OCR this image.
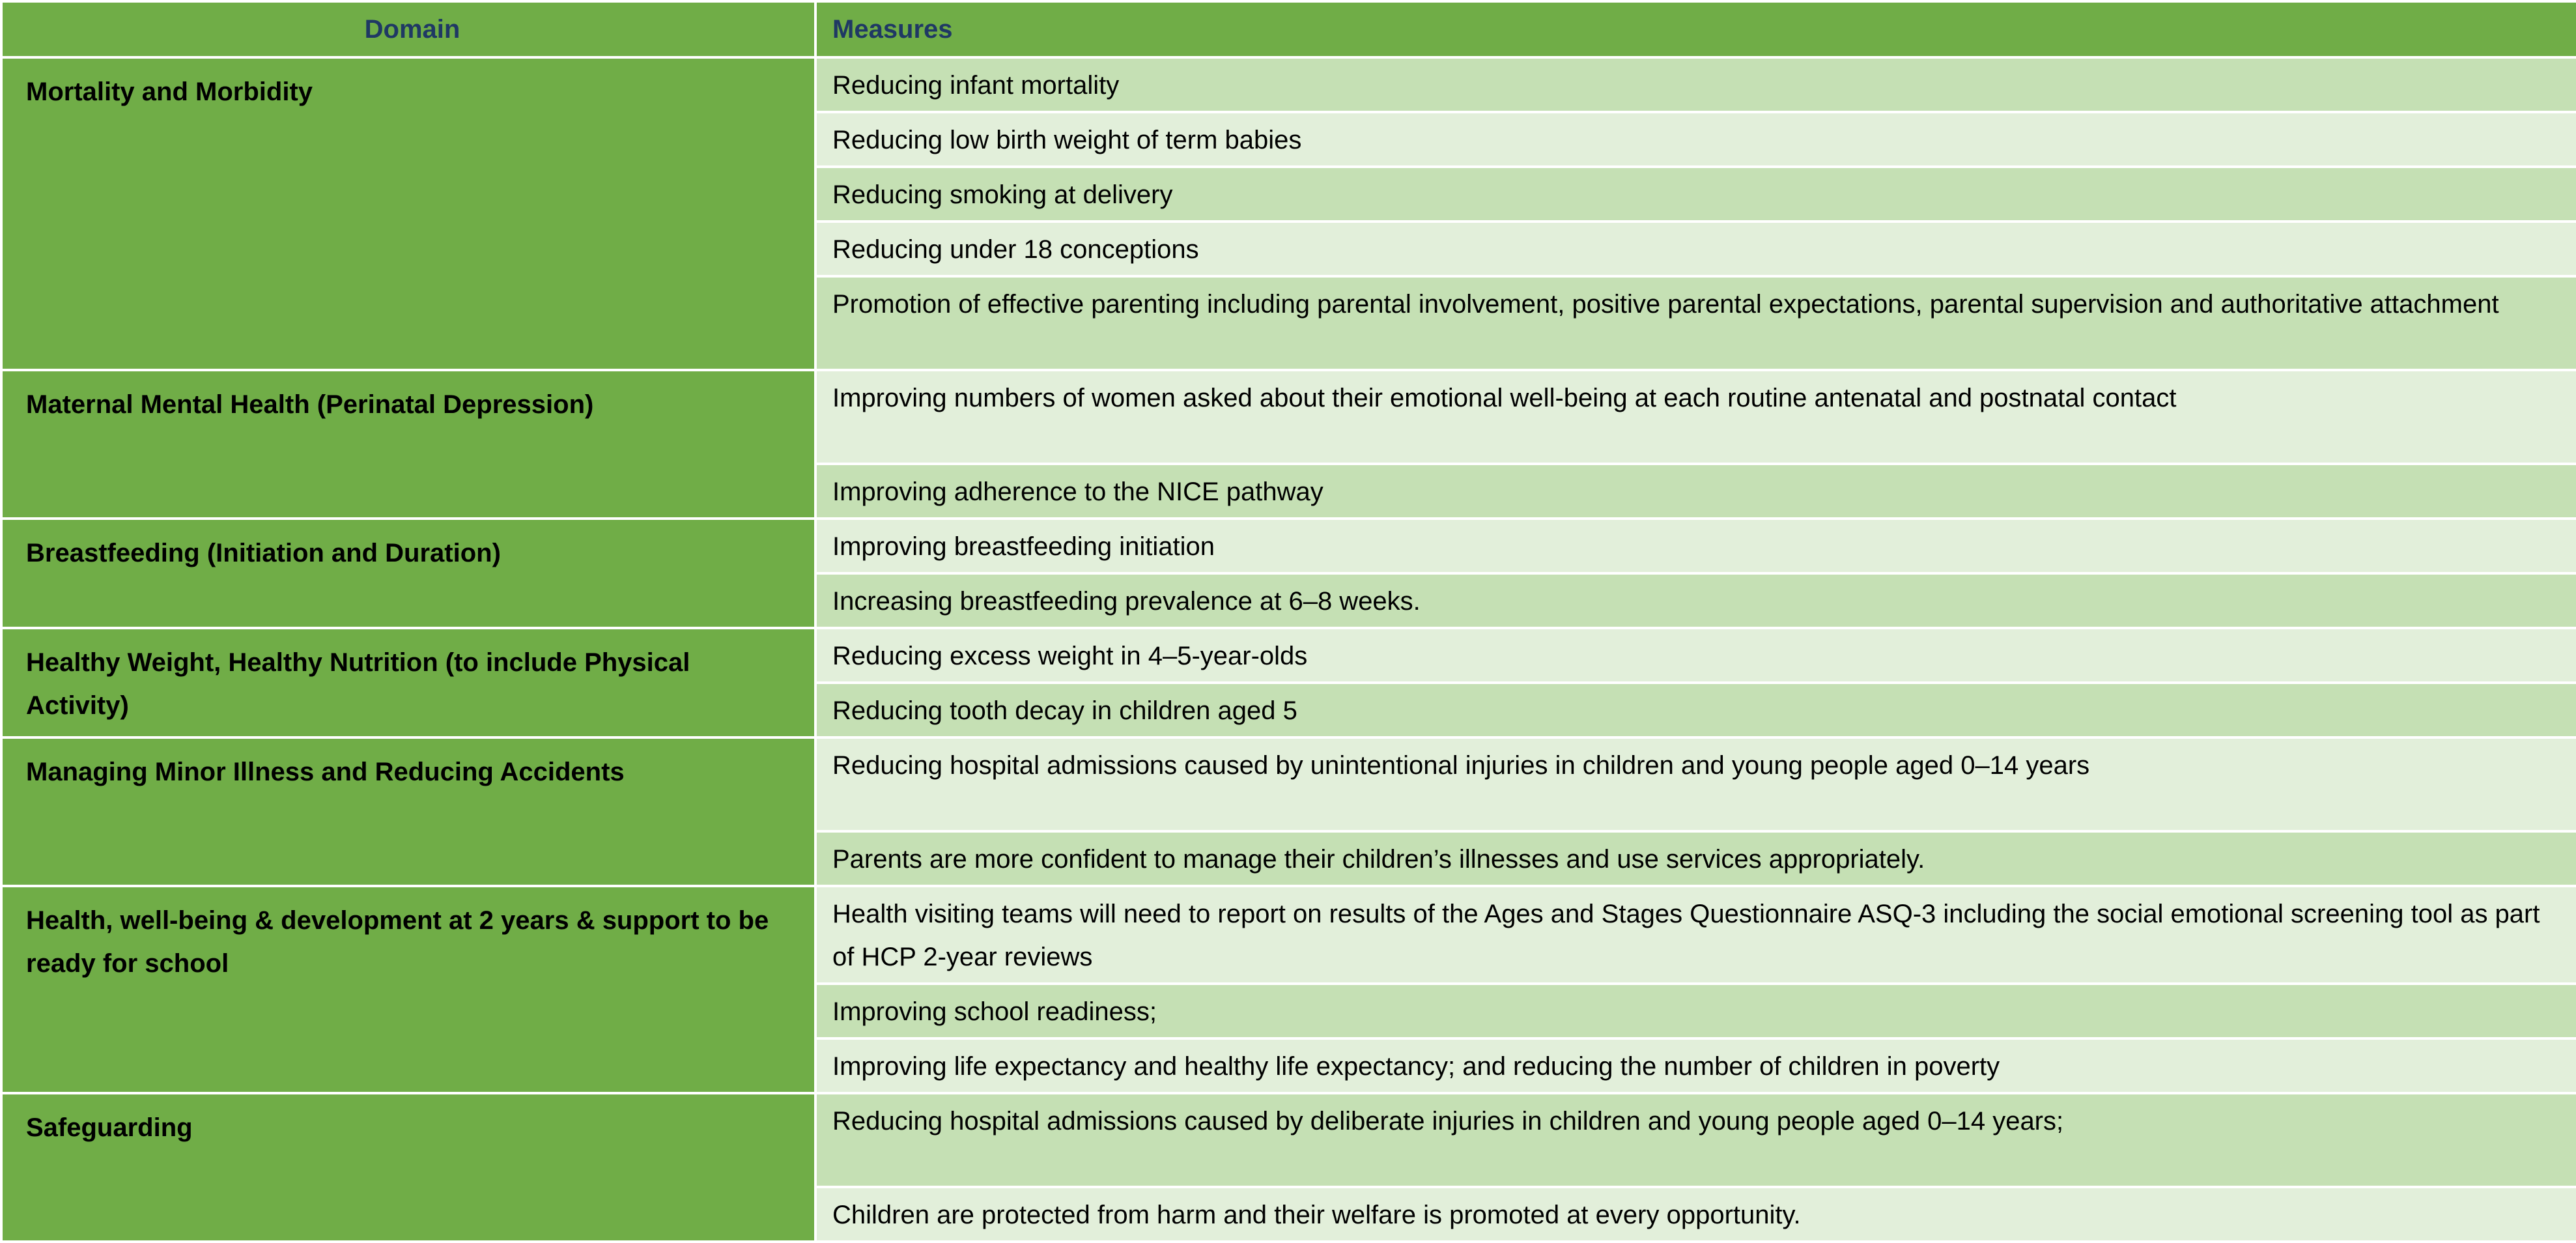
Domain	Measures
Mortality and Morbidity	Reducing infant mortality
	Reducing low birth weight of term babies
	Reducing smoking at delivery
	Reducing under 18 conceptions
	Promotion of effective parenting including parental involvement, positive parental expectations, parental supervision and authoritative attachment
Maternal Mental Health (Perinatal Depression)	Improving numbers of women asked about their emotional well-being at each routine antenatal and postnatal contact
	Improving adherence to the NICE pathway
Breastfeeding (Initiation and Duration)	Improving breastfeeding initiation
	Increasing breastfeeding prevalence at 6–8 weeks.
Healthy Weight, Healthy Nutrition (to include Physical Activity)	Reducing excess weight in 4–5-year-olds
	Reducing tooth decay in children aged 5
Managing Minor Illness and Reducing Accidents	Reducing hospital admissions caused by unintentional injuries in children and young people aged 0–14 years
	Parents are more confident to manage their children’s illnesses and use services appropriately.
Health, well-being & development at 2 years & support to be ready for school	Health visiting teams will need to report on results of the Ages and Stages Questionnaire ASQ-3 including the social emotional screening tool as part of HCP 2-year reviews
	Improving school readiness;
	Improving life expectancy and healthy life expectancy; and reducing the number of children in poverty
Safeguarding	Reducing hospital admissions caused by deliberate injuries in children and young people aged 0–14 years;
	Children are protected from harm and their welfare is promoted at every opportunity.
